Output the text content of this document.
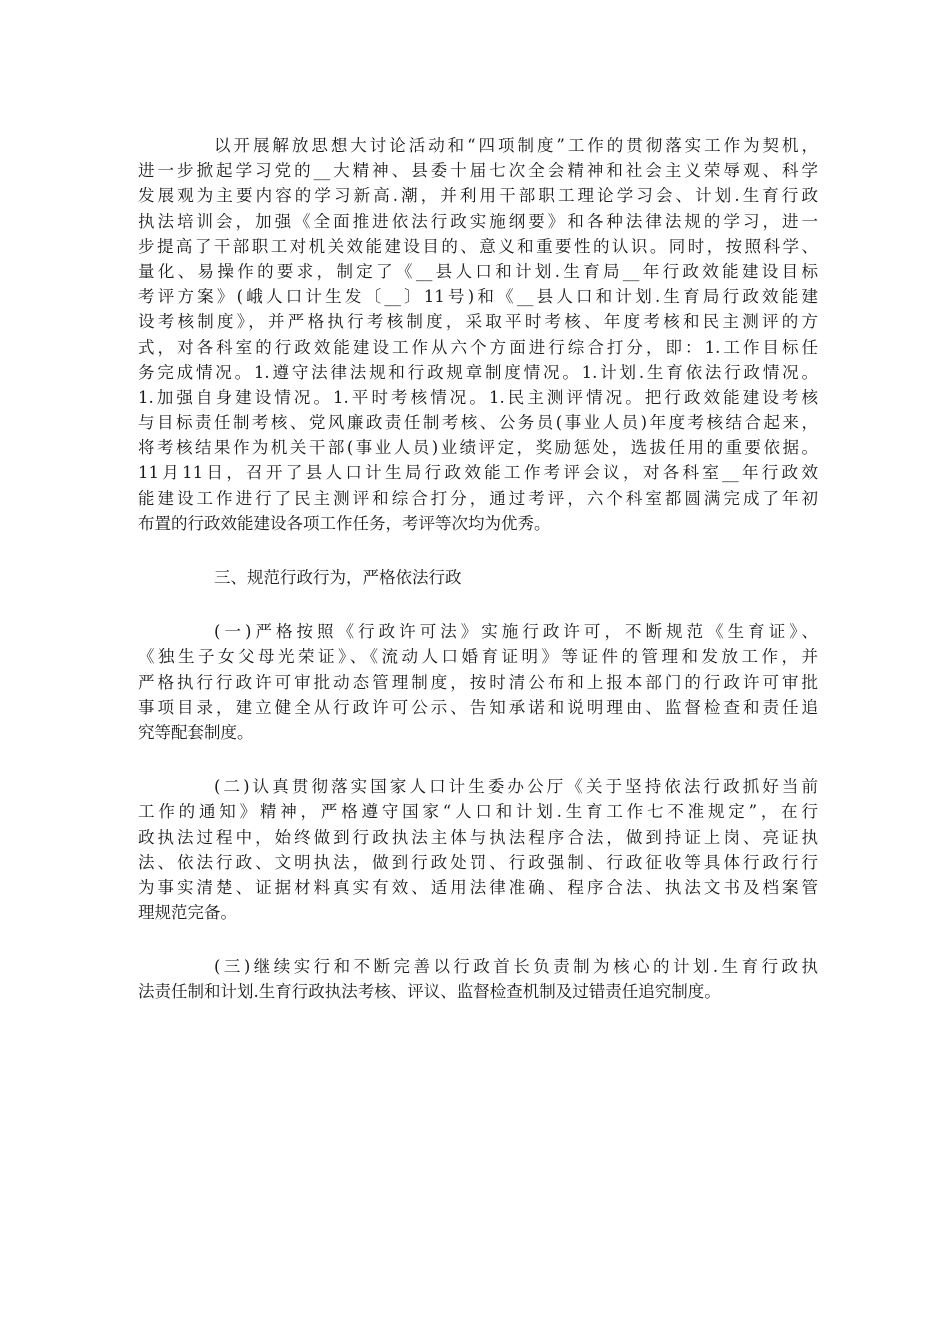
以开展解放思想大讨论活动和“四项制度”工作的贯彻落实工作为契机，
进一步掀起学习党的__大精神、县委十届七次全会精神和社会主义荣辱观、科学
发展观为主要内容的学习新高.潮，并利用干部职工理论学习会、计划.生育行政
执法培训会，加强《全面推进依法行政实施纲要》和各种法律法规的学习，进一
步提高了干部职工对机关效能建设目的、意义和重要性的认识。同时，按照科学、
量化、易操作的要求，制定了《__县人口和计划.生育局__年行政效能建设目标
考评方案》(峨人口计生发〔__〕11号)和《__县人口和计划.生育局行政效能建
设考核制度》，并严格执行考核制度，采取平时考核、年度考核和民主测评的方
式，对各科室的行政效能建设工作从六个方面进行综合打分，即：1.工作目标任
务完成情况。1.遵守法律法规和行政规章制度情况。1.计划.生育依法行政情况。
1.加强自身建设情况。1.平时考核情况。1.民主测评情况。把行政效能建设考核
与目标责任制考核、党风廉政责任制考核、公务员(事业人员)年度考核结合起来，
将考核结果作为机关干部(事业人员)业绩评定，奖励惩处，选拔任用的重要依据。
11月11日，召开了县人口计生局行政效能工作考评会议，对各科室__年行政效
能建设工作进行了民主测评和综合打分，通过考评，六个科室都圆满完成了年初
布置的行政效能建设各项工作任务，考评等次均为优秀。
三、规范行政行为，严格依法行政
(一)严格按照《行政许可法》实施行政许可，不断规范《生育证》、
《独生子女父母光荣证》、《流动人口婚育证明》等证件的管理和发放工作，并
严格执行行政许可审批动态管理制度，按时清公布和上报本部门的行政许可审批
事项目录，建立健全从行政许可公示、告知承诺和说明理由、监督检查和责任追
究等配套制度。
(二)认真贯彻落实国家人口计生委办公厅《关于坚持依法行政抓好当前
工作的通知》精神，严格遵守国家“人口和计划.生育工作七不准规定”，在行
政执法过程中，始终做到行政执法主体与执法程序合法，做到持证上岗、亮证执
法、依法行政、文明执法，做到行政处罚、行政强制、行政征收等具体行政行行
为事实清楚、证据材料真实有效、适用法律准确、程序合法、执法文书及档案管
理规范完备。
(三)继续实行和不断完善以行政首长负责制为核心的计划.生育行政执
法责任制和计划.生育行政执法考核、评议、监督检查机制及过错责任追究制度。
